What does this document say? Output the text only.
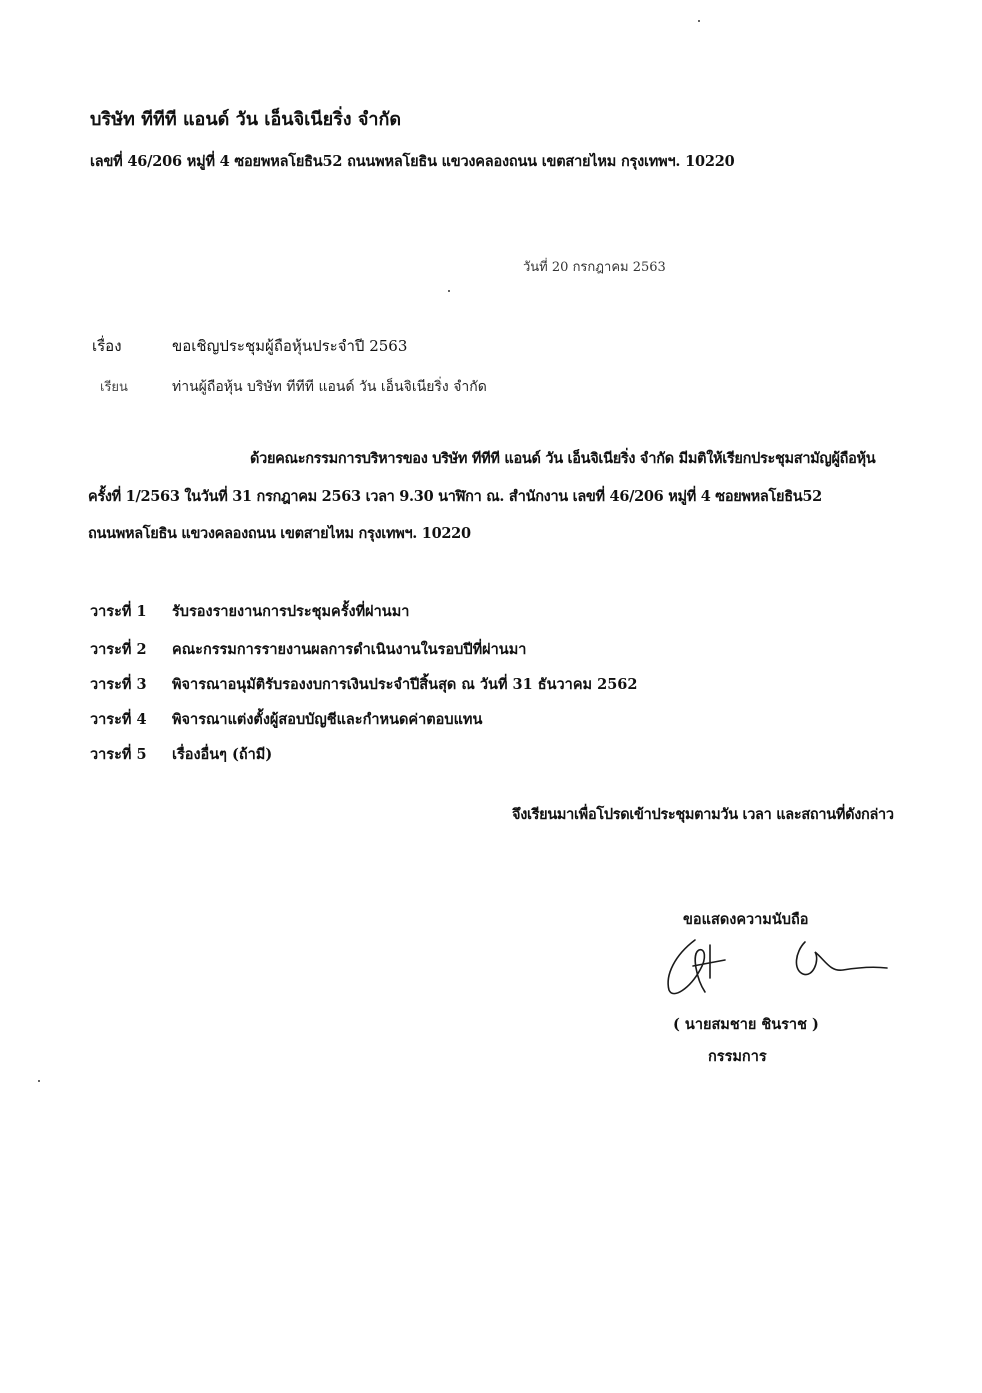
บริษัท ทีทีที แอนด์ วัน เอ็นจิเนียริ่ง จำกัด
เลขที่ 46/206 หมู่ที่ 4 ซอยพหลโยธิน52 ถนนพหลโยธิน แขวงคลองถนน เขตสายไหม กรุงเทพฯ. 10220
วันที่ 20 กรกฎาคม 2563
เรื่อง	ขอเชิญประชุมผู้ถือหุ้นประจำปี 2563
เรียน	ท่านผู้ถือหุ้น บริษัท ทีทีที แอนด์ วัน เอ็นจิเนียริ่ง จำกัด
ด้วยคณะกรรมการบริหารของ บริษัท ทีทีที แอนด์ วัน เอ็นจิเนียริ่ง จำกัด มีมติให้เรียกประชุมสามัญผู้ถือหุ้น
ครั้งที่ 1/2563 ในวันที่ 31 กรกฎาคม 2563 เวลา 9.30 นาฬิกา ณ. สำนักงาน เลขที่ 46/206 หมู่ที่ 4 ซอยพหลโยธิน52
ถนนพหลโยธิน แขวงคลองถนน เขตสายไหม กรุงเทพฯ. 10220
วาระที่ 1 รับรองรายงานการประชุมครั้งที่ผ่านมา
วาระที่ 2 คณะกรรมการรายงานผลการดำเนินงานในรอบปีที่ผ่านมา
วาระที่ 3 พิจารณาอนุมัติรับรองงบการเงินประจำปีสิ้นสุด ณ วันที่ 31 ธันวาคม 2562
วาระที่ 4 พิจารณาแต่งตั้งผู้สอบบัญชีและกำหนดค่าตอบแทน
วาระที่ 5 เรื่องอื่นๆ (ถ้ามี)
จึงเรียนมาเพื่อโปรดเข้าประชุมตามวัน เวลา และสถานที่ดังกล่าว
ขอแสดงความนับถือ
( นายสมชาย ชินราช )
กรรมการ
